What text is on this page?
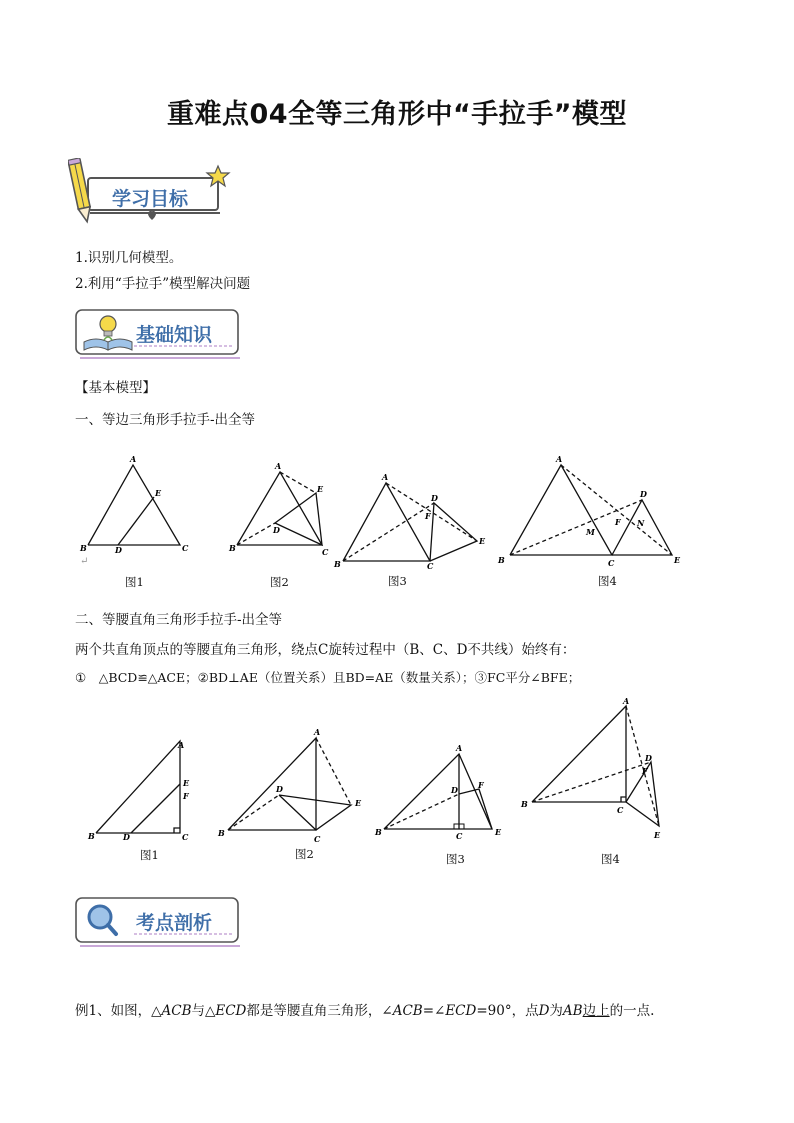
重难点04全等三角形中“手拉手”模型
学习目标
1.识别几何模型。
2.利用“手拉手”模型解决问题
基础知识
【基本模型】
一、等边三角形手拉手-出全等
A
E
B	D	C
A
E
B
D
C
A
D
F
E
B	C
A
D
M
F N
B	C	E
↵
图1	图2	图3	图4
二、等腰直角三角形手拉手-出全等
两个共直角顶点的等腰直角三角形，绕点C旋转过程中（B、C、D不共线）始终有：
①　△BCD≌△ACE；②BD⊥AE（位置关系）且BD=AE（数量关系）；③FC平分∠BFE；
A
E
F
B	D	C
A
E
D
B
C
A
D	F
B	E
C
A
D
F
B
C
E
图1	图2	图3	图4
考点剖析
例1、如图，△ACB与△ECD都是等腰直角三角形，∠ACB=∠ECD=90°，点D为AB边上的一点.
